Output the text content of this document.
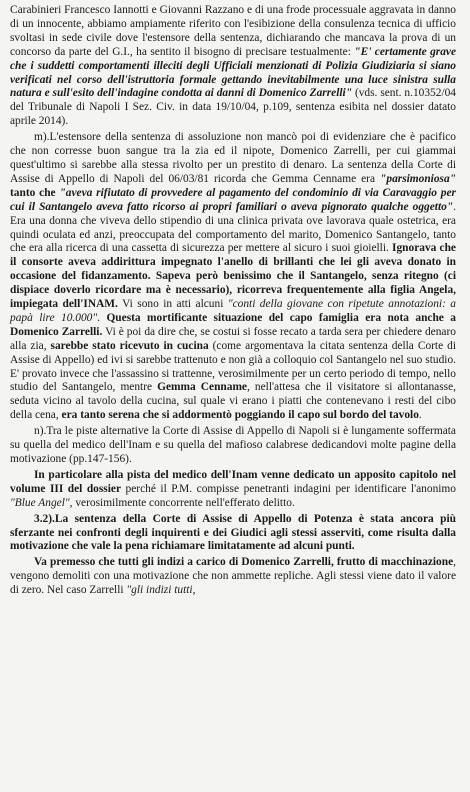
Carabinieri Francesco Iannotti e Giovanni Razzano e di una frode processuale aggravata in danno di un innocente, abbiamo ampiamente riferito con l'esibizione della consulenza tecnica di ufficio svoltasi in sede civile dove l'estensore della sentenza, dichiarando che mancava la prova di un concorso da parte del G.I., ha sentito il bisogno di precisare testualmente: "E' certamente grave che i suddetti comportamenti illeciti degli Ufficiali menzionati di Polizia Giudiziaria si siano verificati nel corso dell'istruttoria formale gettando inevitabilmente una luce sinistra sulla natura e sull'esito dell'indagine condotta ai danni di Domenico Zarrelli" (vds. sent. n.10352/04 del Tribunale di Napoli I Sez. Civ. in data 19/10/04, p.109, sentenza esibita nel dossier datato aprile 2014).

m).L'estensore della sentenza di assoluzione non mancò poi di evidenziare che è pacifico che non corresse buon sangue tra la zia ed il nipote, Domenico Zarrelli, per cui giammai quest'ultimo si sarebbe alla stessa rivolto per un prestito di denaro. La sentenza della Corte di Assise di Appello di Napoli del 06/03/81 ricorda che Gemma Cenname era "parsimoniosa" tanto che "aveva rifiutato di provvedere al pagamento del condominio di via Caravaggio per cui il Santangelo aveva fatto ricorso ai propri familiari o aveva pignorato qualche oggetto". Era una donna che viveva dello stipendio di una clinica privata ove lavorava quale ostetrica, era quindi oculata ed anzi, preoccupata del comportamento del marito, Domenico Santangelo, tanto che era alla ricerca di una cassetta di sicurezza per mettere al sicuro i suoi gioielli. Ignorava che il consorte aveva addirittura impegnato l'anello di brillanti che lei gli aveva donato in occasione del fidanzamento. Sapeva però benissimo che il Santangelo, senza ritegno (ci dispiace doverlo ricordare ma è necessario), ricorreva frequentemente alla figlia Angela, impiegata dell'INAM. Vi sono in atti alcuni "conti della giovane con ripetute annotazioni: a papà lire 10.000". Questa mortificante situazione del capo famiglia era nota anche a Domenico Zarrelli. Vi è poi da dire che, se costui si fosse recato a tarda sera per chiedere denaro alla zia, sarebbe stato ricevuto in cucina (come argomentava la citata sentenza della Corte di Assise di Appello) ed ivi si sarebbe trattenuto e non già a colloquio col Santangelo nel suo studio. E' provato invece che l'assassino si trattenne, verosimilmente per un certo periodo di tempo, nello studio del Santangelo, mentre Gemma Cenname, nell'attesa che il visitatore si allontanasse, seduta vicino al tavolo della cucina, sul quale vi erano i piatti che contenevano i resti del cibo della cena, era tanto serena che si addormentò poggiando il capo sul bordo del tavolo.

n).Tra le piste alternative la Corte di Assise di Appello di Napoli si è lungamente soffermata su quella del medico dell'Inam e su quella del mafioso calabrese dedicandovi molte pagine della motivazione (pp.147-156).

In particolare alla pista del medico dell'Inam venne dedicato un apposito capitolo nel volume III del dossier perché il P.M. compisse penetranti indagini per identificare l'anonimo "Blue Angel", verosimilmente concorrente nell'efferato delitto.

3.2).La sentenza della Corte di Assise di Appello di Potenza è stata ancora più sferzante nei confronti degli inquirenti e dei Giudici agli stessi asserviti, come risulta dalla motivazione che vale la pena richiamare limitatamente ad alcuni punti.

Va premesso che tutti gli indizi a carico di Domenico Zarrelli, frutto di macchinazione, vengono demoliti con una motivazione che non ammette repliche. Agli stessi viene dato il valore di zero. Nel caso Zarrelli "gli indizi tutti,
